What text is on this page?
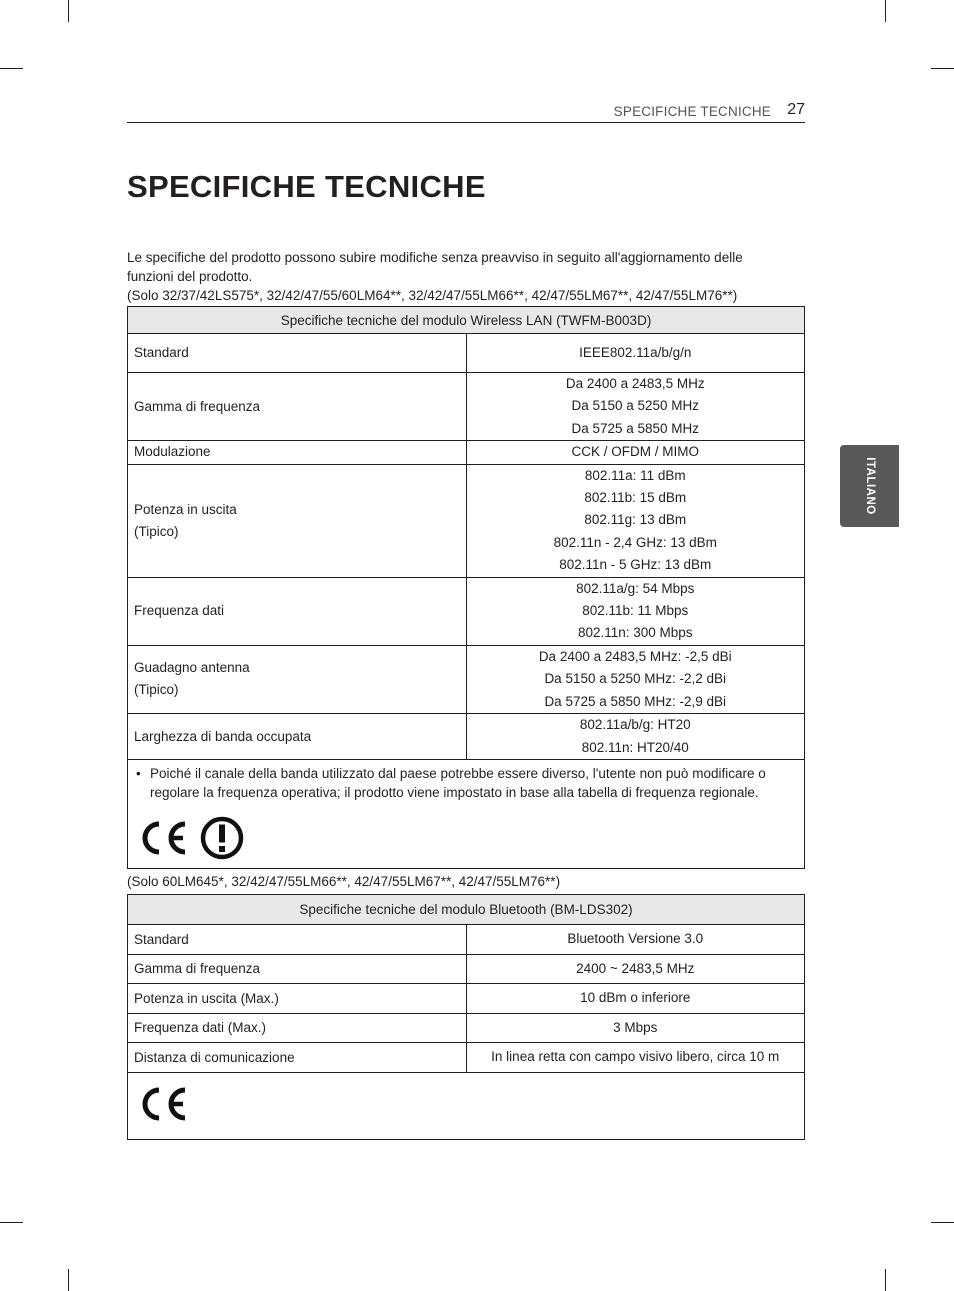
SPECIFICHE TECNICHE 27
SPECIFICHE TECNICHE

Le specifiche del prodotto possono subire modifiche senza preavviso in seguito all'aggiornamento delle

funzioni del prodotto.

(Solo 32/37/42LS575*, 32/42/47/55/60LM64**, 32/42/47/55LM66**, 42/47/55LM67**, 42/47/55LM76**)

ITALIANO
Specifiche tecniche del modulo Wireless LAN (TWFM-B003D)	

Standard	IEEE802.11a/b/g/n

Gamma di frequenza	Da 2400 a 2483,5 MHz
Da 5150 a 5250 MHz
Da 5725 a 5850 MHz

Modulazione	CCK / OFDM / MIMO

Potenza in uscita
(Tipico)	802.11a: 11 dBm
802.11b: 15 dBm
802.11g: 13 dBm
802.11n - 2,4 GHz: 13 dBm
802.11n - 5 GHz: 13 dBm

Frequenza dati	802.11a/g: 54 Mbps
802.11b: 11 Mbps
802.11n: 300 Mbps

Guadagno antenna
(Tipico)	Da 2400 a 2483,5 MHz: -2,5 dBi
Da 5150 a 5250 MHz: -2,2 dBi
Da 5725 a 5850 MHz: -2,9 dBi

Larghezza di banda occupata	802.11a/b/g: HT20
802.11n: HT20/40

• Poiché il canale della banda utilizzato dal paese potrebbe essere diverso, l'utente non può modificare o regolare la frequenza operativa; il prodotto viene impostato in base alla tabella di frequenza regionale.	
(Solo 60LM645*, 32/42/47/55LM66**, 42/47/55LM67**, 42/47/55LM76**)
Specifiche tecniche del modulo Bluetooth (BM-LDS302)	
Standard	Bluetooth Versione 3.0
Gamma di frequenza	2400 ~ 2483,5 MHz
Potenza in uscita (Max.)	10 dBm o inferiore
Frequenza dati (Max.)	3 Mbps
Distanza di comunicazione	In linea retta con campo visivo libero, circa 10 m
